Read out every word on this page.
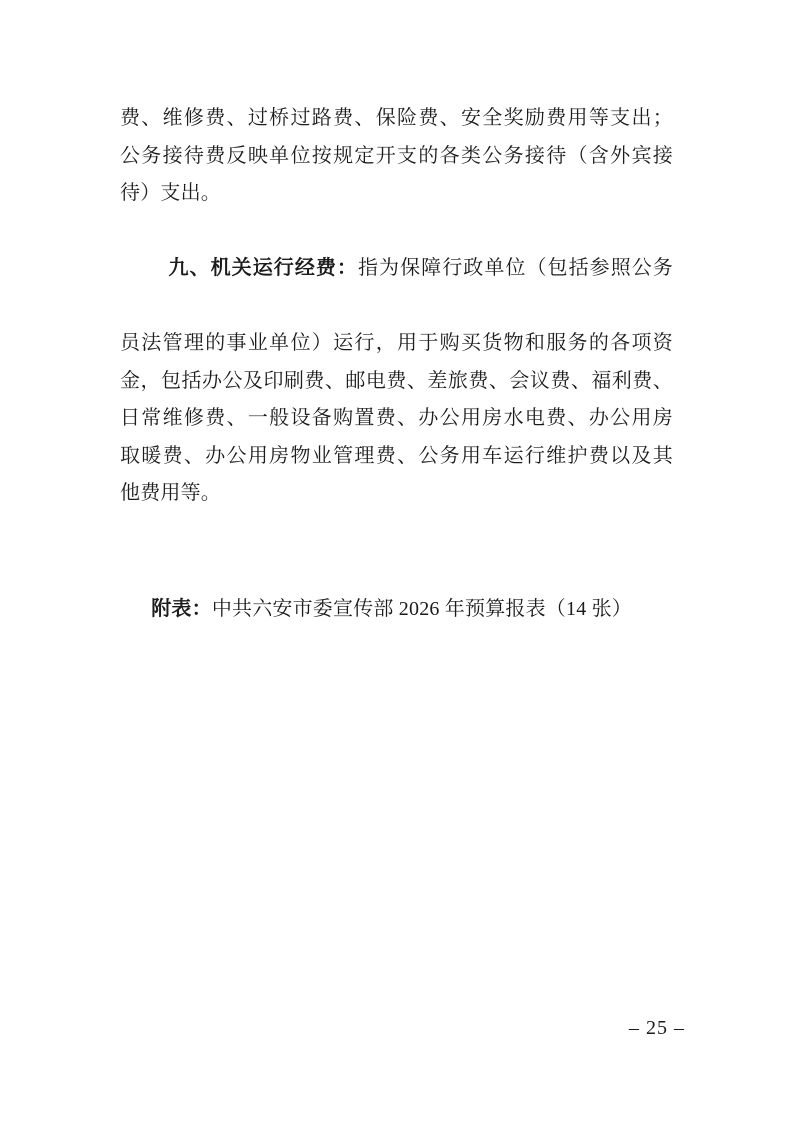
费、维修费、过桥过路费、保险费、安全奖励费用等支出；
公务接待费反映单位按规定开支的各类公务接待（含外宾接
待）支出。

九、机关运行经费：指为保障行政单位（包括参照公务

员法管理的事业单位）运行，用于购买货物和服务的各项资
金，包括办公及印刷费、邮电费、差旅费、会议费、福利费、
日常维修费、一般设备购置费、办公用房水电费、办公用房
取暖费、办公用房物业管理费、公务用车运行维护费以及其
他费用等。

附表：中共六安市委宣传部 2026 年预算报表（14 张）

– 25 –
